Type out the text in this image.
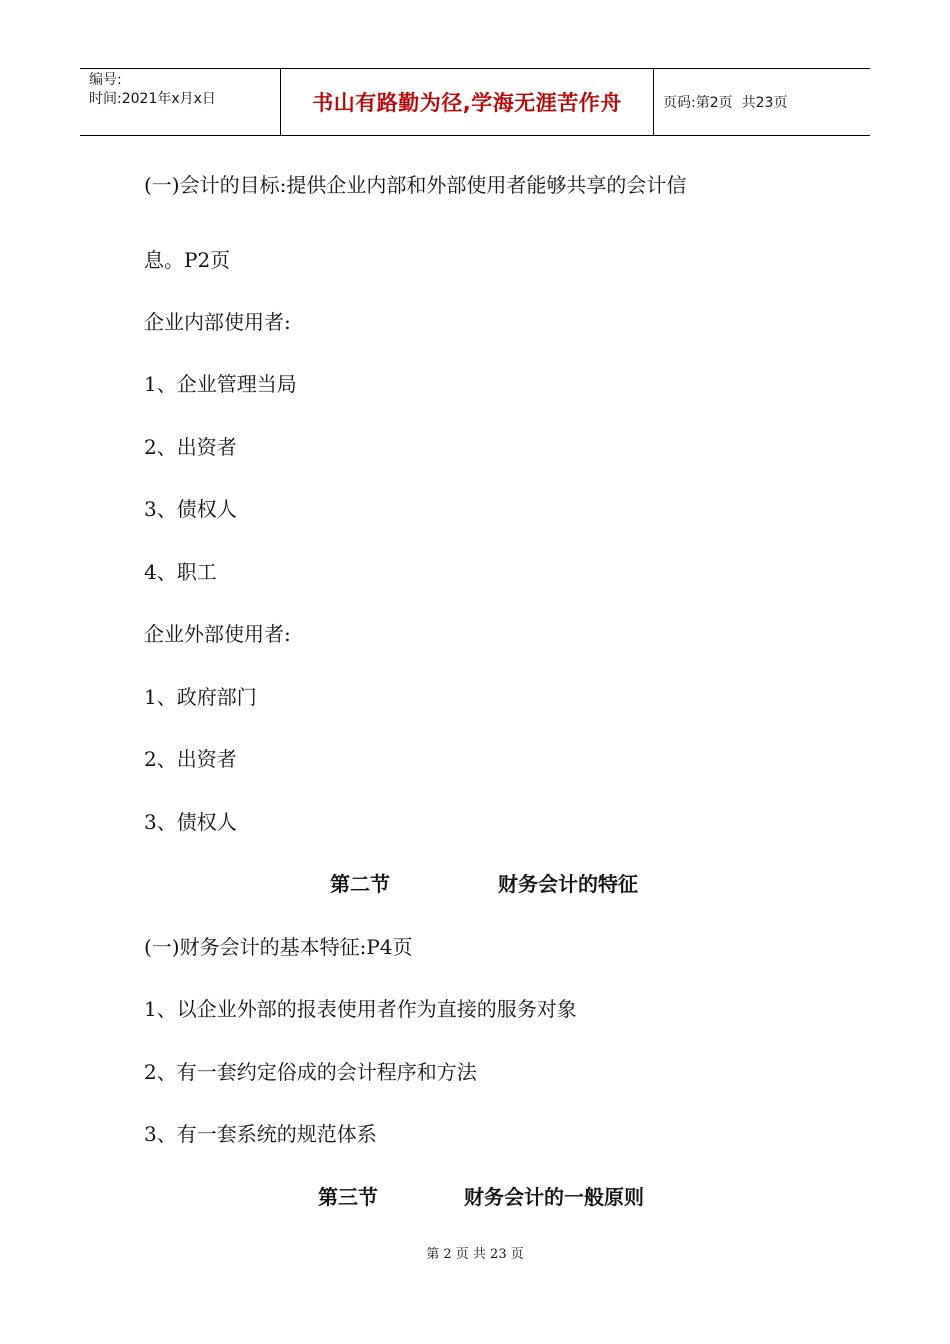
编号:
时间:2021年x月x日	书山有路勤为径,学海无涯苦作舟	页码:第2页 共23页
(一)会计的目标:提供企业内部和外部使用者能够共享的会计信
息。P2页
企业内部使用者:
1、企业管理当局
2、出资者
3、债权人
4、职工
企业外部使用者:
1、政府部门
2、出资者
3、债权人
第二节	财务会计的特征
(一)财务会计的基本特征:P4页
1、以企业外部的报表使用者作为直接的服务对象
2、有一套约定俗成的会计程序和方法
3、有一套系统的规范体系
第三节	财务会计的一般原则
第 2 页 共 23 页
